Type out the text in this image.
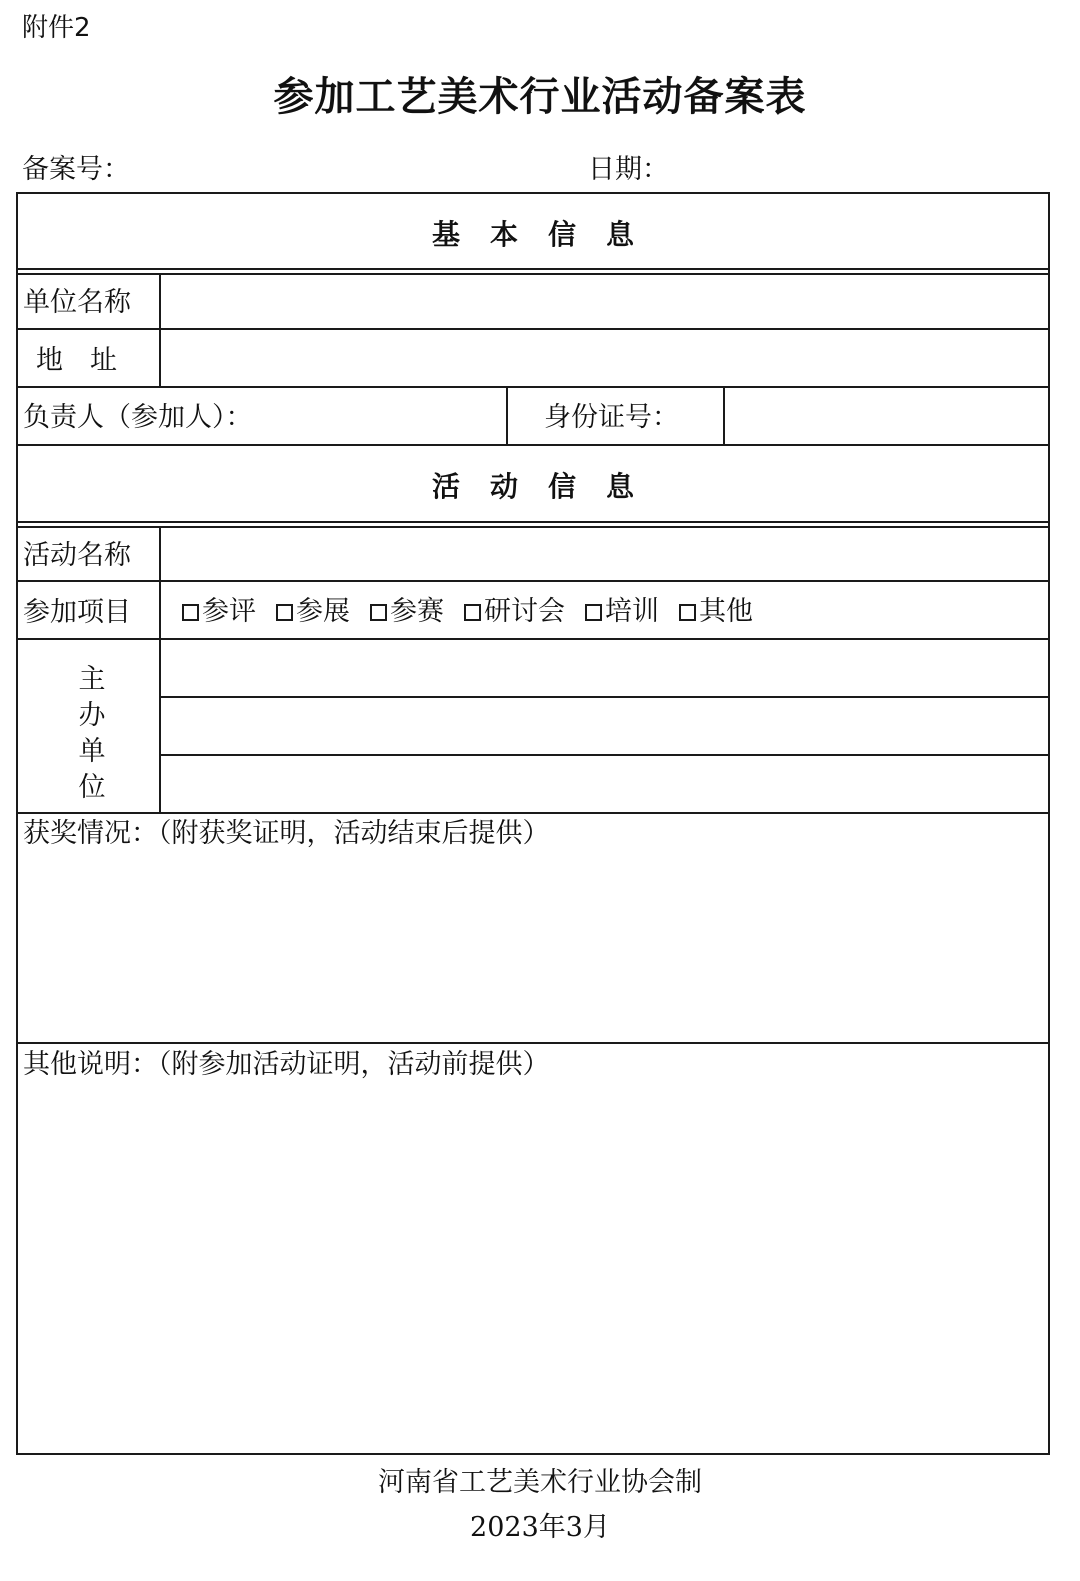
附件2
参加工艺美术行业活动备案表
备案号：	日期：
基本信息
单位名称
地　址
负责人（参加人）：	身份证号：
活动信息
活动名称
参加项目	参评 参展 参赛 研讨会 培训 其他
主办单位
获奖情况：（附获奖证明，活动结束后提供）
其他说明：（附参加活动证明，活动前提供）
河南省工艺美术行业协会制
2023年3月
